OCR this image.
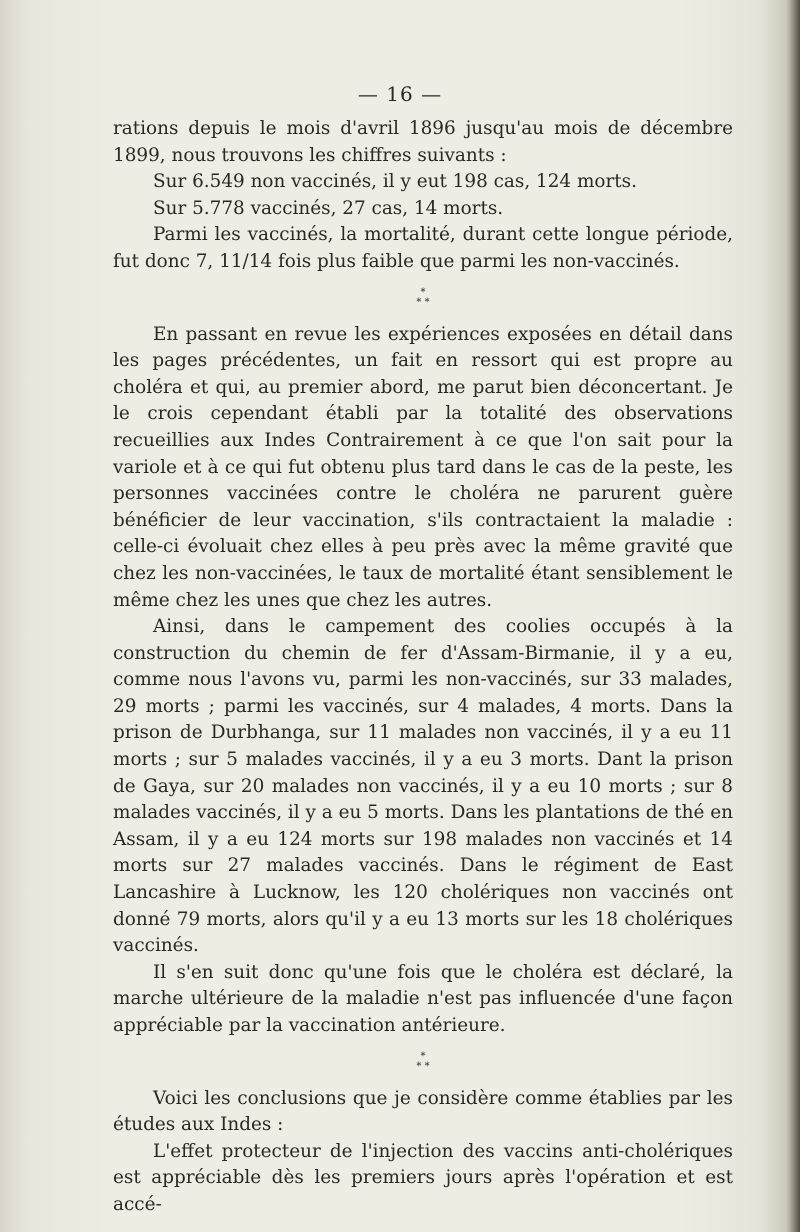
— 16 —

rations depuis le mois d'avril 1896 jusqu'au mois de décembre 1899, nous trouvons les chiffres suivants :

Sur 6.549 non vaccinés, il y eut 198 cas, 124 morts.

Sur 5.778 vaccinés, 27 cas, 14 morts.

Parmi les vaccinés, la mortalité, durant cette longue période, fut donc 7, 11/14 fois plus faible que parmi les non-vaccinés.

*
* *

En passant en revue les expériences exposées en détail dans les pages précédentes, un fait en ressort qui est propre au choléra et qui, au premier abord, me parut bien déconcertant. Je le crois cependant établi par la totalité des observations recueillies aux Indes Contrairement à ce que l'on sait pour la variole et à ce qui fut obtenu plus tard dans le cas de la peste, les personnes vaccinées contre le choléra ne parurent guère bénéficier de leur vaccination, s'ils contractaient la maladie : celle-ci évoluait chez elles à peu près avec la même gravité que chez les non-vaccinées, le taux de mortalité étant sensiblement le même chez les unes que chez les autres.

Ainsi, dans le campement des coolies occupés à la construction du chemin de fer d'Assam-Birmanie, il y a eu, comme nous l'avons vu, parmi les non-vaccinés, sur 33 malades, 29 morts ; parmi les vaccinés, sur 4 malades, 4 morts. Dans la prison de Durbhanga, sur 11 malades non vaccinés, il y a eu 11 morts ; sur 5 malades vaccinés, il y a eu 3 morts. Dant la prison de Gaya, sur 20 malades non vaccinés, il y a eu 10 morts ; sur 8 malades vaccinés, il y a eu 5 morts. Dans les plantations de thé en Assam, il y a eu 124 morts sur 198 malades non vaccinés et 14 morts sur 27 malades vaccinés. Dans le régiment de East Lancashire à Lucknow, les 120 cholériques non vaccinés ont donné 79 morts, alors qu'il y a eu 13 morts sur les 18 cholériques vaccinés.

Il s'en suit donc qu'une fois que le choléra est déclaré, la marche ultérieure de la maladie n'est pas influencée d'une façon appréciable par la vaccination antérieure.

*
* *

Voici les conclusions que je considère comme établies par les études aux Indes :

L'effet protecteur de l'injection des vaccins anti-cholériques est appréciable dès les premiers jours après l'opération et est accé-
